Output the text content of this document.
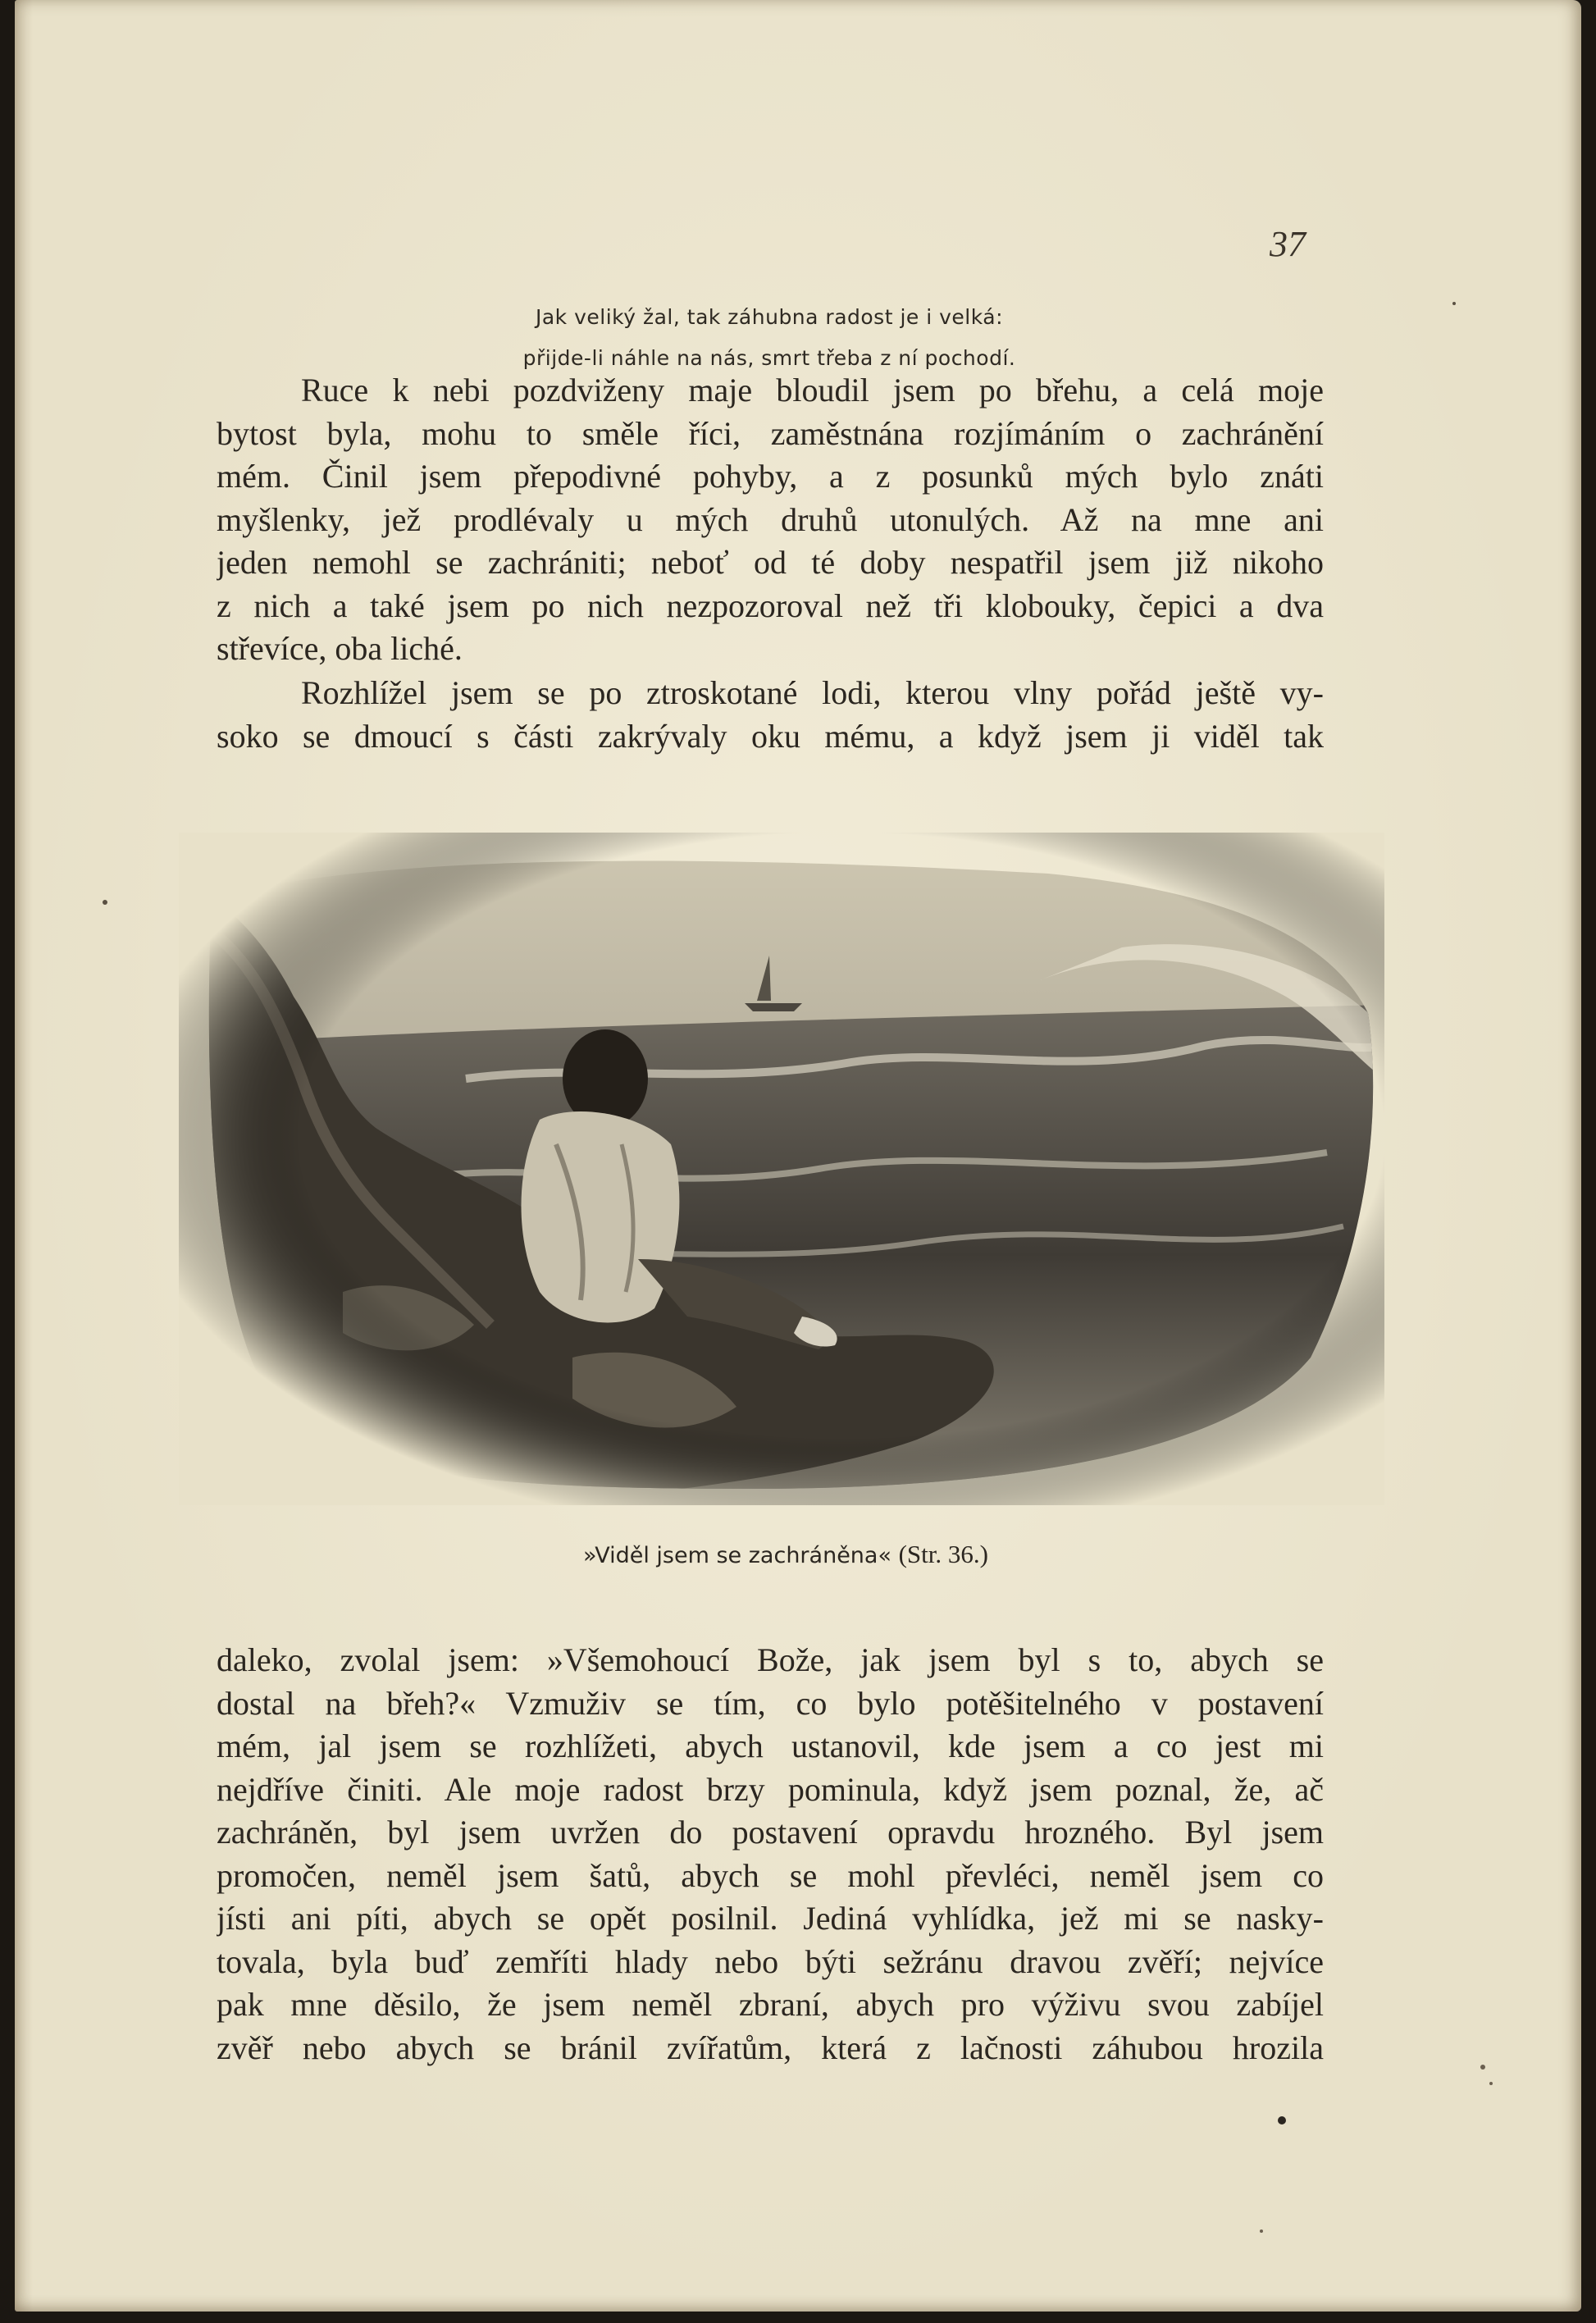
37
Jak veliký žal, tak záhubna radost je i velká:
přijde-li náhle na nás, smrt třeba z ní pochodí.
Ruce k nebi pozdviženy maje bloudil jsem po břehu, a celá moje
bytost byla, mohu to směle říci, zaměstnána rozjímáním o zachránění
mém. Činil jsem přepodivné pohyby, a z posunků mých bylo znáti
myšlenky, jež prodlévaly u mých druhů utonulých. Až na mne ani
jeden nemohl se zachrániti; neboť od té doby nespatřil jsem již nikoho
z nich a také jsem po nich nezpozoroval než tři klobouky, čepici a dva
střevíce, oba liché.
Rozhlížel jsem se po ztroskotané lodi, kterou vlny pořád ještě vy-
soko se dmoucí s části zakrývaly oku mému, a když jsem ji viděl tak
»Viděl jsem se zachráněna« (Str. 36.)
daleko, zvolal jsem: »Všemohoucí Bože, jak jsem byl s to, abych se
dostal na břeh?« Vzmuživ se tím, co bylo potěšitelného v postavení
mém, jal jsem se rozhlížeti, abych ustanovil, kde jsem a co jest mi
nejdříve činiti. Ale moje radost brzy pominula, když jsem poznal, že, ač
zachráněn, byl jsem uvržen do postavení opravdu hrozného. Byl jsem
promočen, neměl jsem šatů, abych se mohl převléci, neměl jsem co
jísti ani píti, abych se opět posilnil. Jediná vyhlídka, jež mi se nasky-
tovala, byla buď zemříti hlady nebo býti sežránu dravou zvěří; nejvíce
pak mne děsilo, že jsem neměl zbraní, abych pro výživu svou zabíjel
zvěř nebo abych se bránil zvířatům, která z lačnosti záhubou hrozila
